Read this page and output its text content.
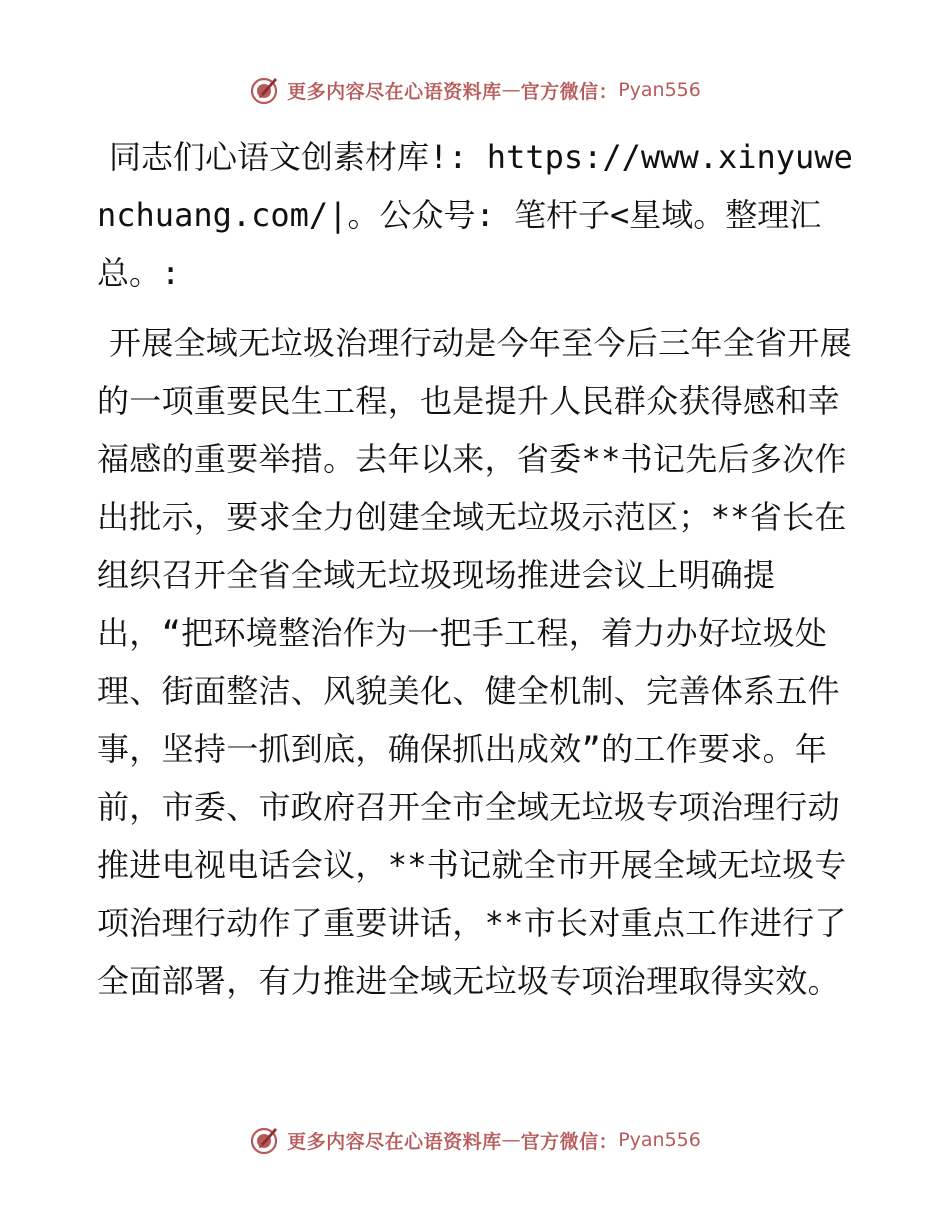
更多内容尽在心语资料库 — 官方微信： Pyan556

同志们心语文创素材库!: https://www.xinyuwenchuang.com/|。公众号: 笔杆子<星域。整理汇总。:

开展全域无垃圾治理行动是今年至今后三年全省开展的一项重要民生工程，也是提升人民群众获得感和幸福感的重要举措。去年以来，省委**书记先后多次作出批示，要求全力创建全域无垃圾示范区；**省长在组织召开全省全域无垃圾现场推进会议上明确提出，“把环境整治作为一把手工程，着力办好垃圾处理、街面整洁、风貌美化、健全机制、完善体系五件事，坚持一抓到底，确保抓出成效”的工作要求。年前，市委、市政府召开全市全域无垃圾专项治理行动推进电视电话会议，**书记就全市开展全域无垃圾专项治理行动作了重要讲话，**市长对重点工作进行了全面部署，有力推进全域无垃圾专项治理取得实效。

更多内容尽在心语资料库 — 官方微信： Pyan556
